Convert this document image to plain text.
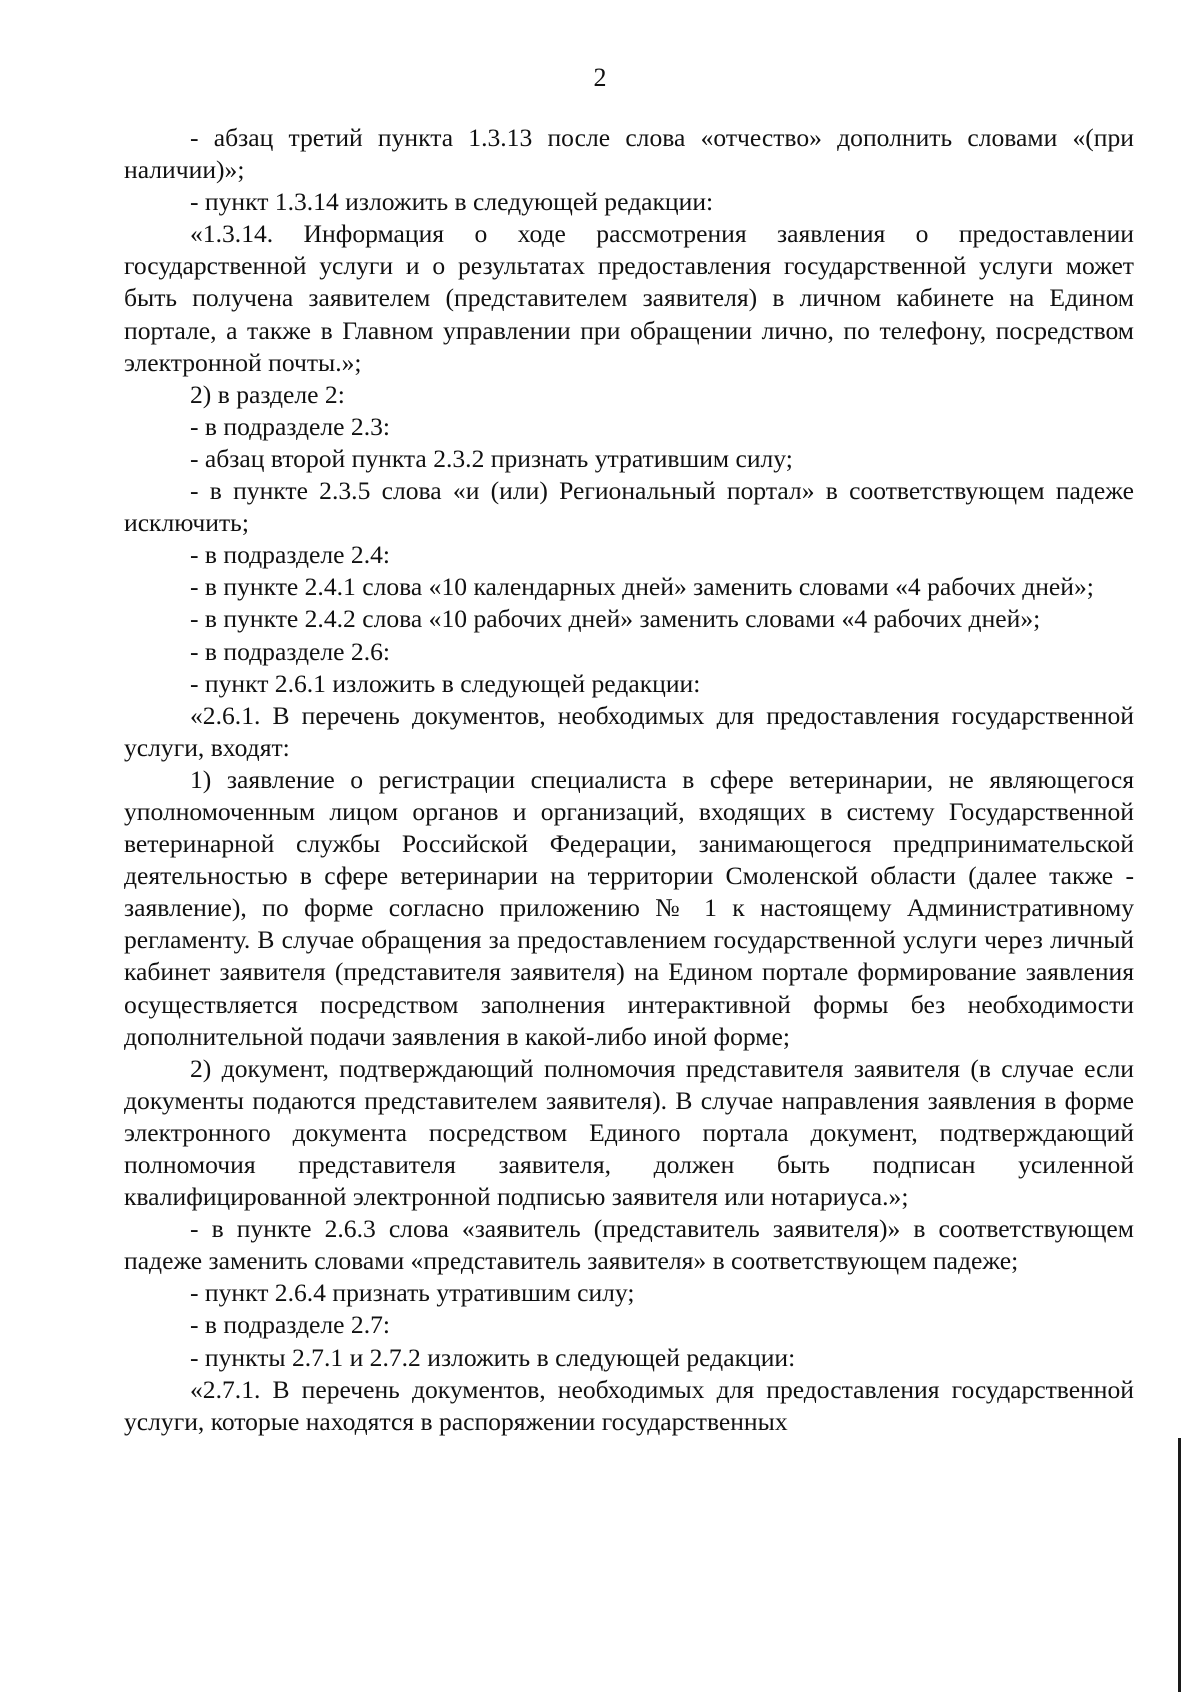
2

- абзац третий пункта 1.3.13 после слова «отчество» дополнить словами «(при наличии)»;

- пункт 1.3.14 изложить в следующей редакции:

«1.3.14. Информация о ходе рассмотрения заявления о предоставлении государственной услуги и о результатах предоставления государственной услуги может быть получена заявителем (представителем заявителя) в личном кабинете на Едином портале, а также в Главном управлении при обращении лично, по телефону, посредством электронной почты.»;

2) в разделе 2:

- в подразделе 2.3:

- абзац второй пункта 2.3.2 признать утратившим силу;

- в пункте 2.3.5 слова «и (или) Региональный портал» в соответствующем падеже исключить;

- в подразделе 2.4:

- в пункте 2.4.1 слова «10 календарных дней» заменить словами «4 рабочих дней»;

- в пункте 2.4.2 слова «10 рабочих дней» заменить словами «4 рабочих дней»;

- в подразделе 2.6:

- пункт 2.6.1 изложить в следующей редакции:

«2.6.1. В перечень документов, необходимых для предоставления государственной услуги, входят:

1) заявление о регистрации специалиста в сфере ветеринарии, не являющегося уполномоченным лицом органов и организаций, входящих в систему Государственной ветеринарной службы Российской Федерации, занимающегося предпринимательской деятельностью в сфере ветеринарии на территории Смоленской области (далее также - заявление), по форме согласно приложению № 1 к настоящему Административному регламенту. В случае обращения за предоставлением государственной услуги через личный кабинет заявителя (представителя заявителя) на Едином портале формирование заявления осуществляется посредством заполнения интерактивной формы без необходимости дополнительной подачи заявления в какой-либо иной форме;

2) документ, подтверждающий полномочия представителя заявителя (в случае если документы подаются представителем заявителя). В случае направления заявления в форме электронного документа посредством Единого портала документ, подтверждающий полномочия представителя заявителя, должен быть подписан усиленной квалифицированной электронной подписью заявителя или нотариуса.»;

- в пункте 2.6.3 слова «заявитель (представитель заявителя)» в соответствующем падеже заменить словами «представитель заявителя» в соответствующем падеже;

- пункт 2.6.4 признать утратившим силу;

- в подразделе 2.7:

- пункты 2.7.1 и 2.7.2 изложить в следующей редакции:

«2.7.1. В перечень документов, необходимых для предоставления государственной услуги, которые находятся в распоряжении государственных
